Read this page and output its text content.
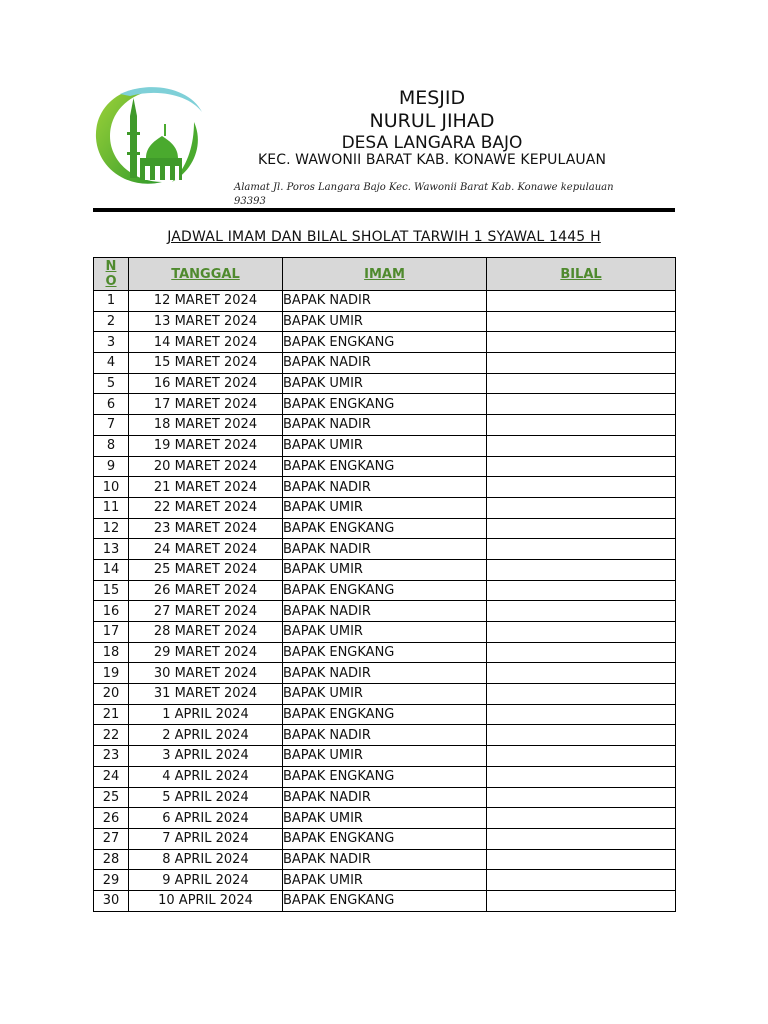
MESJID
NURUL JIHAD
DESA LANGARA BAJO
KEC. WAWONII BARAT KAB. KONAWE KEPULAUAN
Alamat Jl. Poros Langara Bajo Kec. Wawonii Barat Kab. Konawe kepulauan 93393
JADWAL IMAM DAN BILAL SHOLAT TARWIH 1 SYAWAL 1445 H
N
O	TANGGAL	IMAM	BILAL
1	12 MARET 2024	BAPAK NADIR	
2	13 MARET 2024	BAPAK UMIR	
3	14 MARET 2024	BAPAK ENGKANG	
4	15 MARET 2024	BAPAK NADIR	
5	16 MARET 2024	BAPAK UMIR	
6	17 MARET 2024	BAPAK ENGKANG	
7	18 MARET 2024	BAPAK NADIR	
8	19 MARET 2024	BAPAK UMIR	
9	20 MARET 2024	BAPAK ENGKANG	
10	21 MARET 2024	BAPAK NADIR	
11	22 MARET 2024	BAPAK UMIR	
12	23 MARET 2024	BAPAK ENGKANG	
13	24 MARET 2024	BAPAK NADIR	
14	25 MARET 2024	BAPAK UMIR	
15	26 MARET 2024	BAPAK ENGKANG	
16	27 MARET 2024	BAPAK NADIR	
17	28 MARET 2024	BAPAK UMIR	
18	29 MARET 2024	BAPAK ENGKANG	
19	30 MARET 2024	BAPAK NADIR	
20	31 MARET 2024	BAPAK UMIR	
21	1 APRIL 2024	BAPAK ENGKANG	
22	2 APRIL 2024	BAPAK NADIR	
23	3 APRIL 2024	BAPAK UMIR	
24	4 APRIL 2024	BAPAK ENGKANG	
25	5 APRIL 2024	BAPAK NADIR	
26	6 APRIL 2024	BAPAK UMIR	
27	7 APRIL 2024	BAPAK ENGKANG	
28	8 APRIL 2024	BAPAK NADIR	
29	9 APRIL 2024	BAPAK UMIR	
30	10 APRIL 2024	BAPAK ENGKANG	
